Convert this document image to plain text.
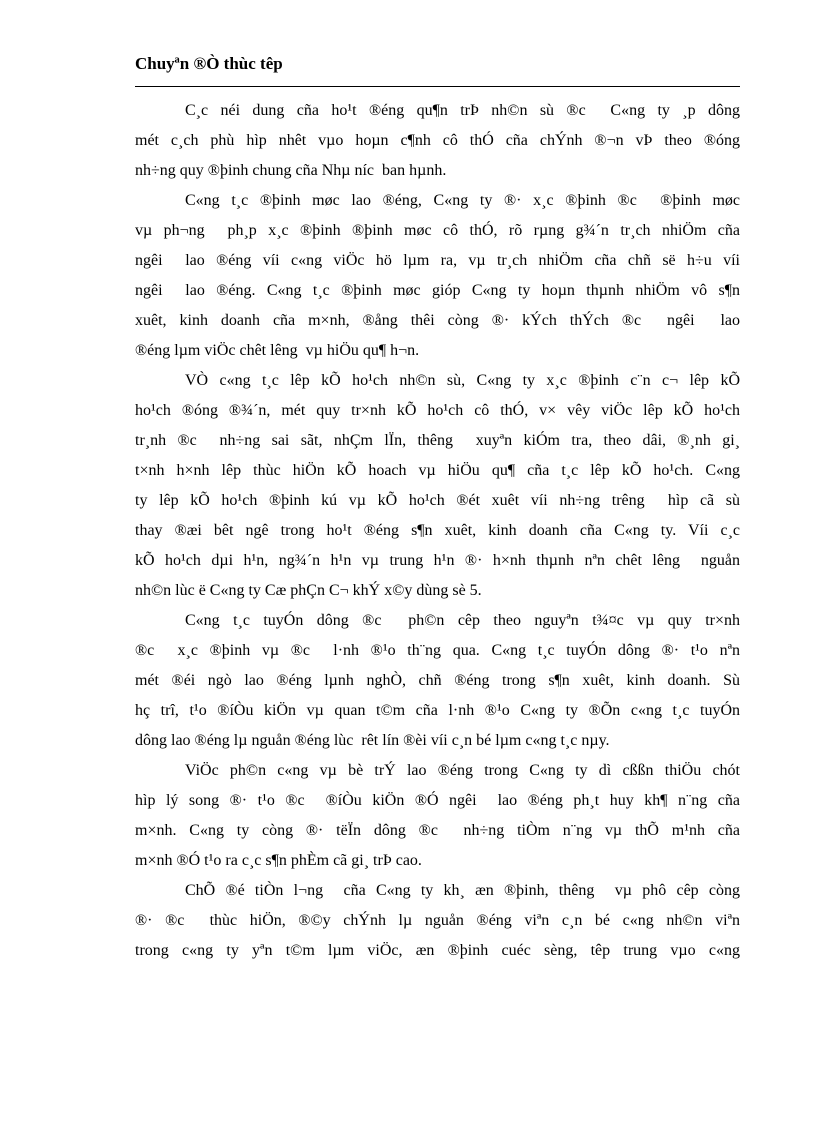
Chuyªn ®Ò thùc têp
C¸c néi dung cña ho¹t ®éng qu¶n trÞ nh©n sù ®c  C«ng ty ¸p dông
mét c¸ch phù hìp nhêt vµo hoµn c¶nh cô thÓ cña chÝnh ®¬n vÞ theo ®óng
nh÷ng quy ®þinh chung cña Nhµ níc  ban hµnh.
C«ng t¸c ®þinh møc lao ®éng, C«ng ty ®· x¸c ®þinh ®c  ®þinh møc
vµ ph¬ng  ph¸p x¸c ®þinh ®þinh møc cô thÓ, rõ rµng g¾´n tr¸ch nhiÖm cña
ngêi  lao ®éng víi c«ng viÖc hö lµm ra, vµ tr¸ch nhiÖm cña chñ së h÷u víi
ngêi  lao ®éng. C«ng t¸c ®þinh møc gióp C«ng ty hoµn thµnh nhiÖm vô s¶n
xuêt, kinh doanh cña m×nh, ®ång thêi còng ®· kÝch thÝch ®c  ngêi  lao
®éng lµm viÖc chêt lêng  vµ hiÖu qu¶ h¬n.
VÒ c«ng t¸c lêp kÕ ho¹ch nh©n sù, C«ng ty x¸c ®þinh c¨n c¬ lêp kÕ
ho¹ch ®óng ®¾´n, mét quy tr×nh kÕ ho¹ch cô thÓ, v× vêy viÖc lêp kÕ ho¹ch
tr¸nh ®c  nh÷ng sai sãt, nhÇm lÏn, thêng  xuyªn kiÓm tra, theo dâi, ®¸nh gi¸
t×nh h×nh lêp thùc hiÖn kÕ hoach vµ hiÖu qu¶ cña t¸c lêp kÕ ho¹ch. C«ng
ty lêp kÕ ho¹ch ®þinh kú vµ kÕ ho¹ch ®ét xuêt víi nh÷ng trêng  hìp cã sù
thay ®æi bêt ngê trong ho¹t ®éng s¶n xuêt, kinh doanh cña C«ng ty. Víi c¸c
kÕ ho¹ch dµi h¹n, ng¾´n h¹n vµ trung h¹n ®· h×nh thµnh nªn chêt lêng  nguån
nh©n lùc ë C«ng ty Cæ phÇn C¬ khÝ x©y dùng sè 5.
C«ng t¸c tuyÓn dông ®c  ph©n cêp theo nguyªn t¾¤c vµ quy tr×nh
®c  x¸c ®þinh vµ ®c  l·nh ®¹o th¨ng qua. C«ng t¸c tuyÓn dông ®· t¹o nªn
mét ®éi ngò lao ®éng lµnh nghÒ, chñ ®éng trong s¶n xuêt, kinh doanh. Sù
hç trî, t¹o ®íÒu kiÖn vµ quan t©m cña l·nh ®¹o C«ng ty ®Õn c«ng t¸c tuyÓn
dông lao ®éng lµ nguån ®éng lùc  rêt lín ®èi víi c¸n bé lµm c«ng t¸c nµy.
ViÖc ph©n c«ng vµ bè trÝ lao ®éng trong C«ng ty dì cßßn thiÖu chót
hìp lý song ®· t¹o ®c  ®íÒu kiÖn ®Ó ngêi  lao ®éng ph¸t huy kh¶ n¨ng cña
m×nh. C«ng ty còng ®· tëÏn dông ®c  nh÷ng tiÒm n¨ng vµ thÕ m¹nh cña
m×nh ®Ó t¹o ra c¸c s¶n phÈm cã gi¸ trÞ cao.
ChÕ ®é tiÒn l¬ng  cña C«ng ty kh¸ æn ®þinh, thêng  vµ phô cêp còng
®· ®c  thùc hiÖn, ®©y chÝnh lµ nguån ®éng viªn c¸n bé c«ng nh©n viªn
trong c«ng ty yªn t©m lµm viÖc, æn ®þinh cuéc sèng, têp trung vµo c«ng
